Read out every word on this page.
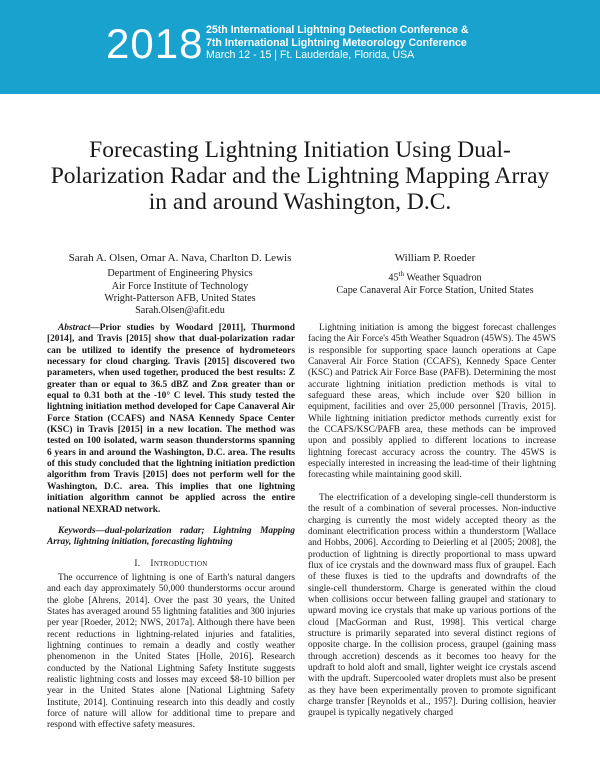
2018 25th International Lightning Detection Conference &
7th International Lightning Meteorology Conference
March 12 - 15 | Ft. Lauderdale, Florida, USA
Forecasting Lightning Initiation Using Dual-Polarization Radar and the Lightning Mapping Array in and around Washington, D.C.
Sarah A. Olsen, Omar A. Nava, Charlton D. Lewis
Department of Engineering Physics
Air Force Institute of Technology
Wright-Patterson AFB, United States
Sarah.Olsen@afit.edu
William P. Roeder
45th Weather Squadron
Cape Canaveral Air Force Station, United States

Abstract—Prior studies by Woodard [2011], Thurmond [2014], and Travis [2015] show that dual-polarization radar can be utilized to identify the presence of hydrometeors necessary for cloud charging. Travis [2015] discovered two parameters, when used together, produced the best results: Z greater than or equal to 36.5 dBZ and Zᴅʀ greater than or equal to 0.31 both at the -10° C level. This study tested the lightning initiation method developed for Cape Canaveral Air Force Station (CCAFS) and NASA Kennedy Space Center (KSC) in Travis [2015] in a new location. The method was tested on 100 isolated, warm season thunderstorms spanning 6 years in and around the Washington, D.C. area. The results of this study concluded that the lightning initiation prediction algorithm from Travis [2015] does not perform well for the Washington, D.C. area. This implies that one lightning initiation algorithm cannot be applied across the entire national NEXRAD network.

Keywords—dual-polarization radar; Lightning Mapping Array, lightning initiation, forecasting lightning
I. Introduction

The occurrence of lightning is one of Earth's natural dangers and each day approximately 50,000 thunderstorms occur around the globe [Ahrens, 2014]. Over the past 30 years, the United States has averaged around 55 lightning fatalities and 300 injuries per year [Roeder, 2012; NWS, 2017a]. Although there have been recent reductions in lightning-related injuries and fatalities, lightning continues to remain a deadly and costly weather phenomenon in the United States [Holle, 2016]. Research conducted by the National Lightning Safety Institute suggests realistic lightning costs and losses may exceed $8-10 billion per year in the United States alone [National Lightning Safety Institute, 2014]. Continuing research into this deadly and costly force of nature will allow for additional time to prepare and respond with effective safety measures.

Lightning initiation is among the biggest forecast challenges facing the Air Force's 45th Weather Squadron (45WS). The 45WS is responsible for supporting space launch operations at Cape Canaveral Air Force Station (CCAFS), Kennedy Space Center (KSC) and Patrick Air Force Base (PAFB). Determining the most accurate lightning initiation prediction methods is vital to safeguard these areas, which include over $20 billion in equipment, facilities and over 25,000 personnel [Travis, 2015]. While lightning initiation predictor methods currently exist for the CCAFS/KSC/PAFB area, these methods can be improved upon and possibly applied to different locations to increase lightning forecast accuracy across the country. The 45WS is especially interested in increasing the lead-time of their lightning forecasting while maintaining good skill.

The electrification of a developing single-cell thunderstorm is the result of a combination of several processes. Non-inductive charging is currently the most widely accepted theory as the dominant electrification process within a thunderstorm [Wallace and Hobbs, 2006]. According to Deierling et al [2005; 2008], the production of lightning is directly proportional to mass upward flux of ice crystals and the downward mass flux of graupel. Each of these fluxes is tied to the updrafts and downdrafts of the single-cell thunderstorm. Charge is generated within the cloud when collisions occur between falling graupel and stationary to upward moving ice crystals that make up various portions of the cloud [MacGorman and Rust, 1998]. This vertical charge structure is primarily separated into several distinct regions of opposite charge. In the collision process, graupel (gaining mass through accretion) descends as it becomes too heavy for the updraft to hold aloft and small, lighter weight ice crystals ascend with the updraft. Supercooled water droplets must also be present as they have been experimentally proven to promote significant charge transfer [Reynolds et al., 1957]. During collision, heavier graupel is typically negatively charged
